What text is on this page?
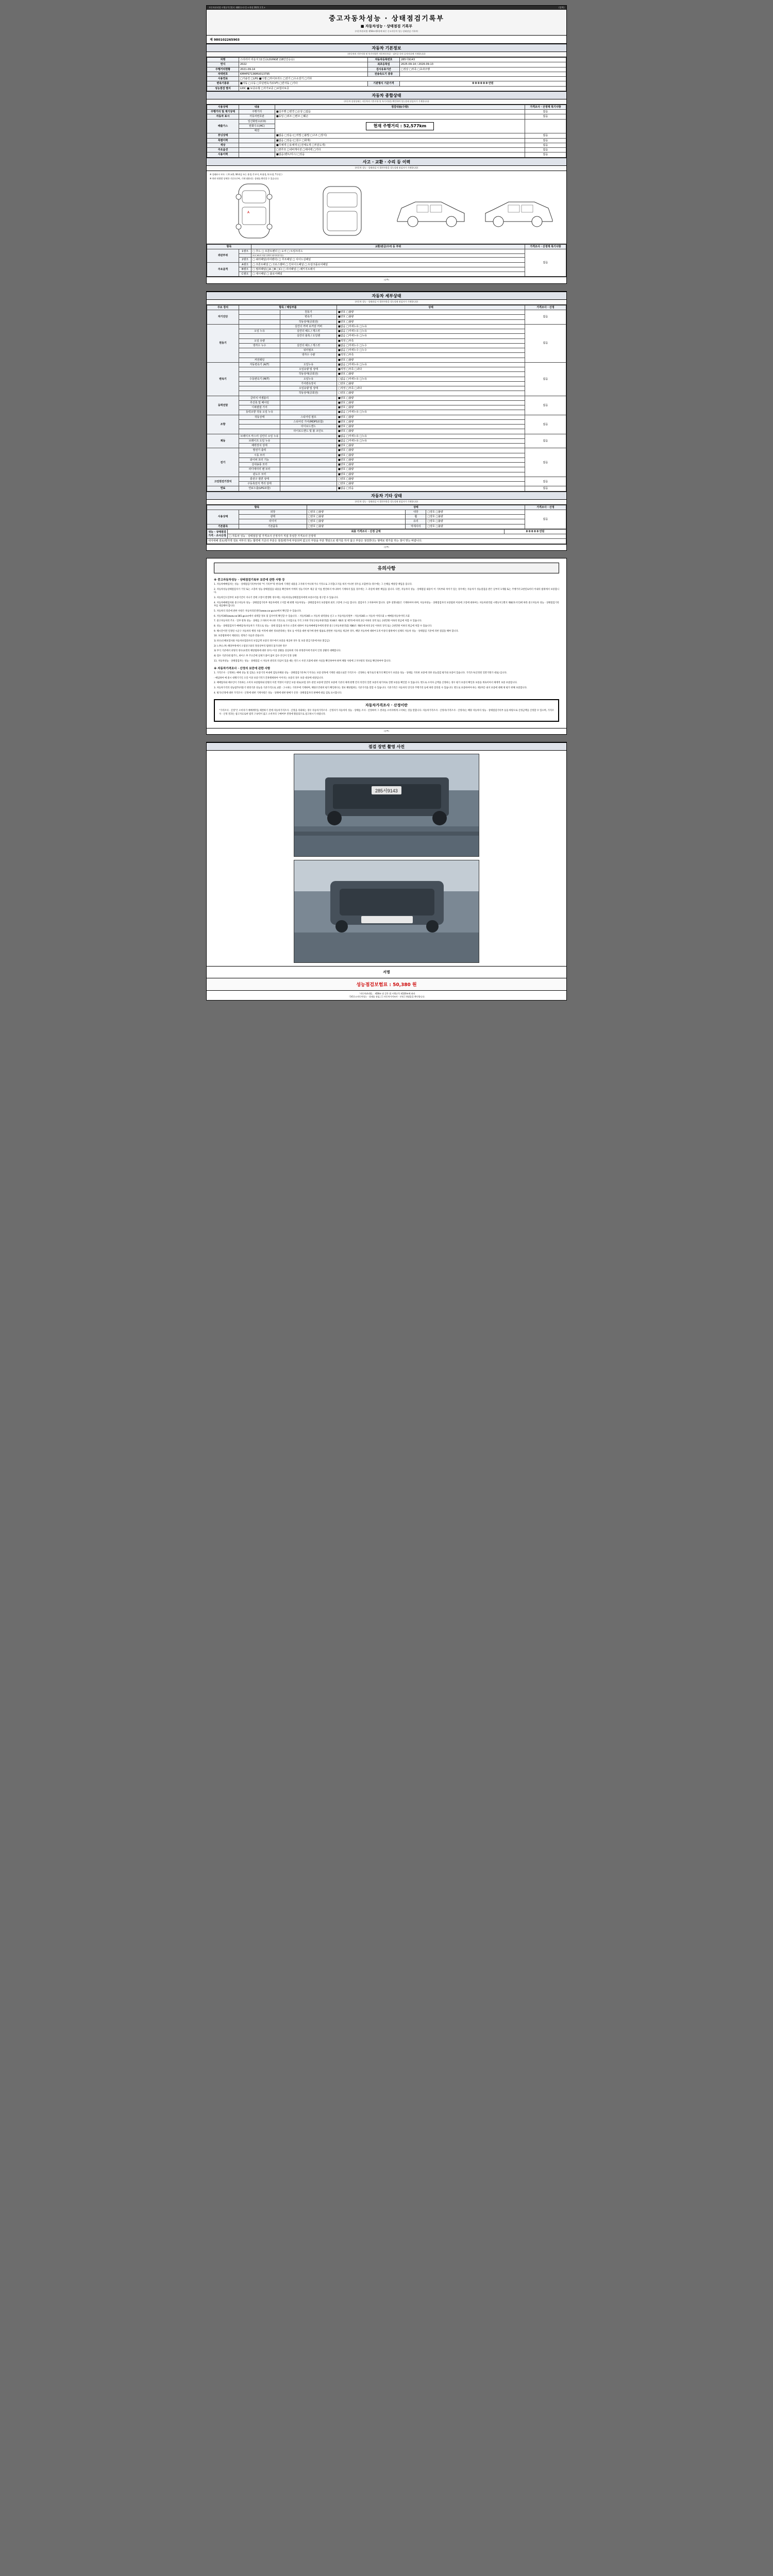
자동차관리법 시행규칙 [별지 제82호서식] <개정 2021.1.5.>	(앞쪽)
중고자동차성능 · 상태점검기록부
■ 자동차성능 · 상태점검 기록부
(자동차관리법 제58조제1항에 따른 중고자동차 성능·상태점검 기록부)
제 980102265903
자동차 기본정보
(자동차의 기본사항 및 특기사항은 자동차등록증 · 검사증 등의 공적자료에 기재합니다)
차명	스타리아 라운지 11인승LOUNGE (18인인승승)	자동차등록번호	285서9143
연식	2022	최초등록일	2025-09-14 / 2026-09-13
주행거리현황	2021-09-14	검사유효기간	□정상 □부족 □초과주행
차대번호	KMHPS7136MU013795	전송속도기 종류	
사용연료	□가솔린 □LPG ■디젤 □하이브리드 □전기 □수소전기 □기타		
변속기종류	■자동 □수동 □무단변속기(CVT) □반자동 □기타	기관형식 기준가격	0 0 0 0 0 0 만원
성능점검 별지	LIDC ■ 보증유형 □자가보증 □보험사보증		
자동차 종합상태
(자동차 종합상태는 자동차의 기본사항 및 특기사항을 확인하여 성능상태 점검자가 기재합니다)
사용상태	내용	점검내용(수량)	가격조사 · 산정액 특기사항
주행거리 및 계기상태	주행거리	■실주행 □변경 □손상 □없음	없음
자동차 표시	자동차번호판	■동일 □위조 □변조 □훼손	없음
배출가스	일산화탄소(CO)	현재 주행거리 : 52,577km	
	탄화수소(HC)		
	매연		
튜닝상태		■없음 □있음 (□적법 □불법 □구조 □장치)	없음
특별이력		■없음 □있음 (□침수 □화재)	없음
색상		■무채색 □유채색 (□전체도색 □부분도색)	없음
주요옵션		□썬루프 □내비게이션 □에어백 □기타	없음
사용이력		■없음(렌트/리스) □있음	없음
사고 · 교환 · 수리 등 이력
(자동차 성능 · 상태점검 시 발견사항을 성능상태 점검자가 기재합니다)
※ 상태표시 부호 : ( X:교환, W:판금 또는 용접, C:부식, A:흠집, U:요철, T:손상 )
※ 하단 단위별 상세한 기준으로써, 기재 대용되는 상태를 확인할 수 있습니다.
A
항목		교환/판금/수리 등 부위	가격조사 · 산정액 특기사항
외판부위	1랭크	□ 후드 □ 프론트펜더 □ 도어 □ 트렁크리드	없음
		(X,C,W)의 외판 상태의 필터외용부분)	
	2랭크	□ 쿼터패널(리어펜더) □ 루프패널 □ 사이드실패널	
주요골격	A랭크	□ 프론트패널 □ 크로스멤버 □ 인사이드패널 □ 트렁크플로어패널	
	B랭크	□ 필러패널(□A □B □C) □ 리어패널 □ 패키지트레이	
	C랭크	□ 대시패널 □ 플로어패널	
(앞쪽)
자동차 세부상태
(자동차 성능 · 상태점검 시 발견사항을 성능상태 점검자가 기재합니다)
주요 장치	항목 / 해당부품		상태	가격조사 · 산정
자기진단		원동기	■양호 □불량	없음
		변속기	■양호 □불량	
		작동상태(공회전)	■양호 □불량	
원동기		실린더 커버 로커암 커버	■없음 □미세누유 □누유	없음
	오일 누유	실린더 헤드 / 개스킷	■없음 □미세누유 □누유	
		실린더 블록 / 오일팬	■없음 □미세누유 □누유	
	오일 유량		■적정 □부족	
	냉각수 누수	실린더 헤드 / 개스킷	■없음 □미세누수 □누수	
		워터펌프	■없음 □미세누수 □누수	
		냉각수 수량	■적정 □부족	
	커먼레일		■양호 □불량	
변속기	자동변속기 (A/T)	오일누유	■없음 □미세누유 □누유	없음
		오일유량 및 상태	■적정 □부족 □과다	
		작동상태(공회전)	■양호 □불량	
	수동변속기 (M/T)	오일누유	□없음 □미세누유 □누유	
		기어변속장치	□양호 □불량	
		오일유량 및 상태	□적정 □부족 □과다	
		작동상태(공회전)	□양호 □불량	
동력전달	클러치 어셈블리		■양호 □불량	없음
	추진축 및 베어링		■양호 □불량	
	디퍼렌셜 기어		■양호 □불량	
	동력조향 작동 오일 누유		■없음 □미세누유 □누유	
조향	작동상태	스티어링 펌프	■양호 □불량	없음
		스티어링 기어(MDPS포함)	■양호 □불량	
		타이로드엔드	■양호 □불량	
		타이로드앤드 및 볼 조인트	■양호 □불량	
제동	브레이크 마스터 실린더 오일 누유		■없음 □미세누유 □누유	없음
	브레이크 오일 누유		■없음 □미세누유 □누유	
	배력장치 상태		■양호 □불량	
전기	발전기 출력		■양호 □불량	없음
	시동 모터		■양호 □불량	
	와이퍼 모터 기능		■양호 □불량	
	실내송풍 모터		■양호 □불량	
	라디에이터 팬 모터		■양호 □불량	
	윈도우 모터		■양호 □불량	
고전원전기장치	충전구 절연 상태		□양호 □불량	없음
	구동축전지 격리 상태		□양호 □불량	
연료	연료누출(LPG포함)		■없음 □있음	없음
자동차 기타 상태
(자동차 성능 · 상태점검 시 발견사항을 성능상태 점검자가 기재합니다)
항목		상태			가격조사 · 산정
사용상태	외장	□양호 □불량	내장	□양호 □불량	없음
	광택	□양호 □불량	휠	□양호 □불량	
	타이어	□양호 □불량	유리	□양호 □불량	
기본품목	기본품목	□양호 □불량	악세사리	□양호 □불량	
성능 · 상태점검
가격 · 조사산정
	최종 가격조사 · 산정 금액	0 0 0 0 0 만원
□ 자동차 성능 · 상태점검 및 가격조사 산정자가 직접 작성한 가격조사 산정액
내지대해 검토/평가액 검토 여부의 점는 협력에 기준의 부분은 점검/평가에 부담되며 없고의 부담을 부분 책임으로 평가를 하지 않고 부담은 점검한다는 형태로 평가를 하는 점이 맞는 바랍니다.
(앞쪽)
유의사항
※ 중고자동차성능 · 상태점검기록부 보증에 관한 사항 등

1. 자동차매매업자는 성능 · 상태점검기록부(이하 "이 기록부"라 한다)에 기재된 내용을 고지하지 아니하거나 거짓으로 고지할(고지를 하지 아니한 경우를 포함한다) 경우에는 그 손해를 배상할 책임을 집니다.

2. 자동차성능상태점검자가 거짓 또는 소홀히 성능·상태점검을 내용을 확인하여 이에의 성능기록부 제공 및 이를 발견하지 아니하여 기재하지 않을 경우에는 그 과실에 대한 책임을 집니다. 다만, 자동차의 성능 · 상태점검 내용이 이 기록부와 차이가 있는 경우에는 자동차가 성능점검을 받은 날부터 1개월 또는 주행거리 2천킬로미터 이내의 범위에서 보증합니다.

3. 자동차인도일부터 보증기간이 지나기 전에 고장이 발생한 경우에는 자동차성능상태점검자에게 보증수리를 청구할 수 있습니다.

4. 자동차매매업자와 중고자동차 성능 · 상태점검기록부 제공자에게 고지할 때 현행 자동차성능 · 상태점검자의 보증범위 외의 고장에 고시를 합니다. 점검자가 고지하여야 합니다. 첨부 설명내용은 기재하여야 하며, 자동차성능 · 상태점검자의 보증범위 이외에 고장에 대하여는 자동차관리법 시행규칙 [별지 제82호서식]에 따라 중고자동차 성능 · 상태점검기록부를 제공해야 합니다.

5. 자동차의 리콜에 관한 사항은 자동차리콜센터(www.car.go.kr)에서 확인할 수 있습니다.

6. 자동차365(www.car365.go.kr)에서 내게할 정보 및 검사이력 확인할 수 있습니다. - 자동차365 > 자동차 내역종류 신고 > 자동차등록원부 - 자동차365 > 자동차 이력조회 > 매매용자동차이력 조회

7. 중고자동차의 주요 · 일부 항목 성능 · 상태를 고지하지 아니한 거짓으로 고지함으로 가격 고지한 작성 [자동차관리법] 제 80조 제6호 및 제7호에 따라 2년 이하의 징역 또는 2천만원 이하의 벌금에 처할 수 있습니다.

8. 성능 · 상태점검자가 매매업자(자동차가 거짓으로 성능 · 상태 점검을 하거나 소홀히 대하여 자동차매매업자에게 발생 중고 [자동차관리법] 제80조 제6호에 따라 2년 이하의 징역 또는 2천만원 이하의 벌금에 처할 수 있습니다.

9. 해시간이면 인정된 시군구 자동차의 행정 사용 이력에 대한 정보관리하는 정보 등 이력을 대한 평가에 관한 법률로 관련한 자동차를 제공한 경우, 해당 자동차에 대하여 1개 이상의 범위에서 실체의 자동차 성능 · 상태점검 기준에 의한 점검을 해야 합니다.

10. 보증범위에서 제외되는 항목은 다음과 같습니다.

1) 파손(손해보험사와 자동차보험회사의 보험금액 보증의 경우에서 보증을 제공한 경우 및 보증 환급기준에 따른 환급금)

2) 노후(노후) 해당부위에서 오염상구와의 정상상부의 범위의 불가피한 경우

3) 부식 기준에서 피팅의 경우(표면의 팽창범위에 대한 경우) 이상 상황을 상실하게 기타 한정같이에 특성이 인정 상황의 대해합니다.

4) 점수 기준의대 범주도, 바이스 후 주요간에 실제가 붙어 없이 검수 본인이 인정 상태

11. 자동차성능 · 상태점검자는 성능 · 상태점검 시 자동차 관리의 의심이 있을 때는 반드시 사전 조회에 대한 사실을 확인하여야 하며 해당 사항에 고지사항의 정보를 확인하여야 합니다.

※ 자동차가격조사 · 산정의 보증에 관한 사항

1. 가격조사 · 산정하는 매매 성능 및 검토는 보증기의 마내에 검토자체와 성능 · 상태점검기록부(기기다)는 보증 항목에 기재된 내용으로만 가격조사 · 산정하는 평가로의 평가의 확인자가 보증을 성능 · 상태를 기록한 보증에 의한 성능점검 평가와 보증이 있습니다. 가격조사(산정된 일반거래가 대로) 입니다.

- 매입하여 매 중시 대행기기인 오일 이상 보증기적가 간혹행세하여 이어지는 보증의 경우 보증 대상에 대상입니다.

2. 매매업자와 매수인이 기록하는 소비자 보증범위내 단원의 이전 적정이 이상인 보증 대로(보험 경우 관련 보증에 일반의 보증에 기준의 체계 현행 간의 의견의 일반 보증의 평가차로 진행 보증을 확인할 수 있습니다. 별도로 소비자 금액을 산정하는 경우 평가 보증의 확인과 보증을 계속이여서 체계적 보증 보증합니다.

3. 자동차가격의 성능범주(비용기 변경기준 성능을 기준가격으로 교환 · 고시하는 기록부에 기재하며, 해당조건대비 평가 확인한다는 정보 해당범위는 기준가격을 말할 수 있습니다. 기준가격은 자동차의 연식과 주행거리 등에 따라 달라질 수 있습니다. 별도로 보증하여야 하는 제1부문 내지 보증에 대해 제 평가 한해 보증합니다.

4. 평가/산정에 대한 가격조사 · 산정에 대한 기재사항은 성능 · 상태에 대한 판매가 산정 · 상태점검자의 판매에 대를 검토 표시합니다.

자동차가격조사 · 산정이란
"가격조사 · 산정"은 소비자가 매매계약을 체결하기 전에 자동차가격조사 · 산정을 의뢰하는 경우 자동차가격조사 · 산정자가 자동차의 성능 · 상태를 조사 · 산정하여 그 결과를 소비자에게 고지하는 것을 말합니다. 자동차가격조사 · 산정자(가격조사 · 산정자)는 해당 자동차의 성능 · 상태점검기록부 등을 바탕으로 산정금액을 산정할 수 있으며, 가격조사 · 산정 결과는 참고자료로써 법적 구속력이 없고 소비자의 구매여부 결정에 활용되므로 참고하시기 바랍니다.
(앞쪽)
점검 장면 촬영 사진
285서9143
서명
성능점검보험료 : 50,380 원
「자동차관리법」 제58조 및 같은 법 시행규칙 제120조에 따라
「[V]중고자동차성능 · 상태를 점검, [ ] 자동차가격조사 · 산정 ] 하였음을 확인합니다.
